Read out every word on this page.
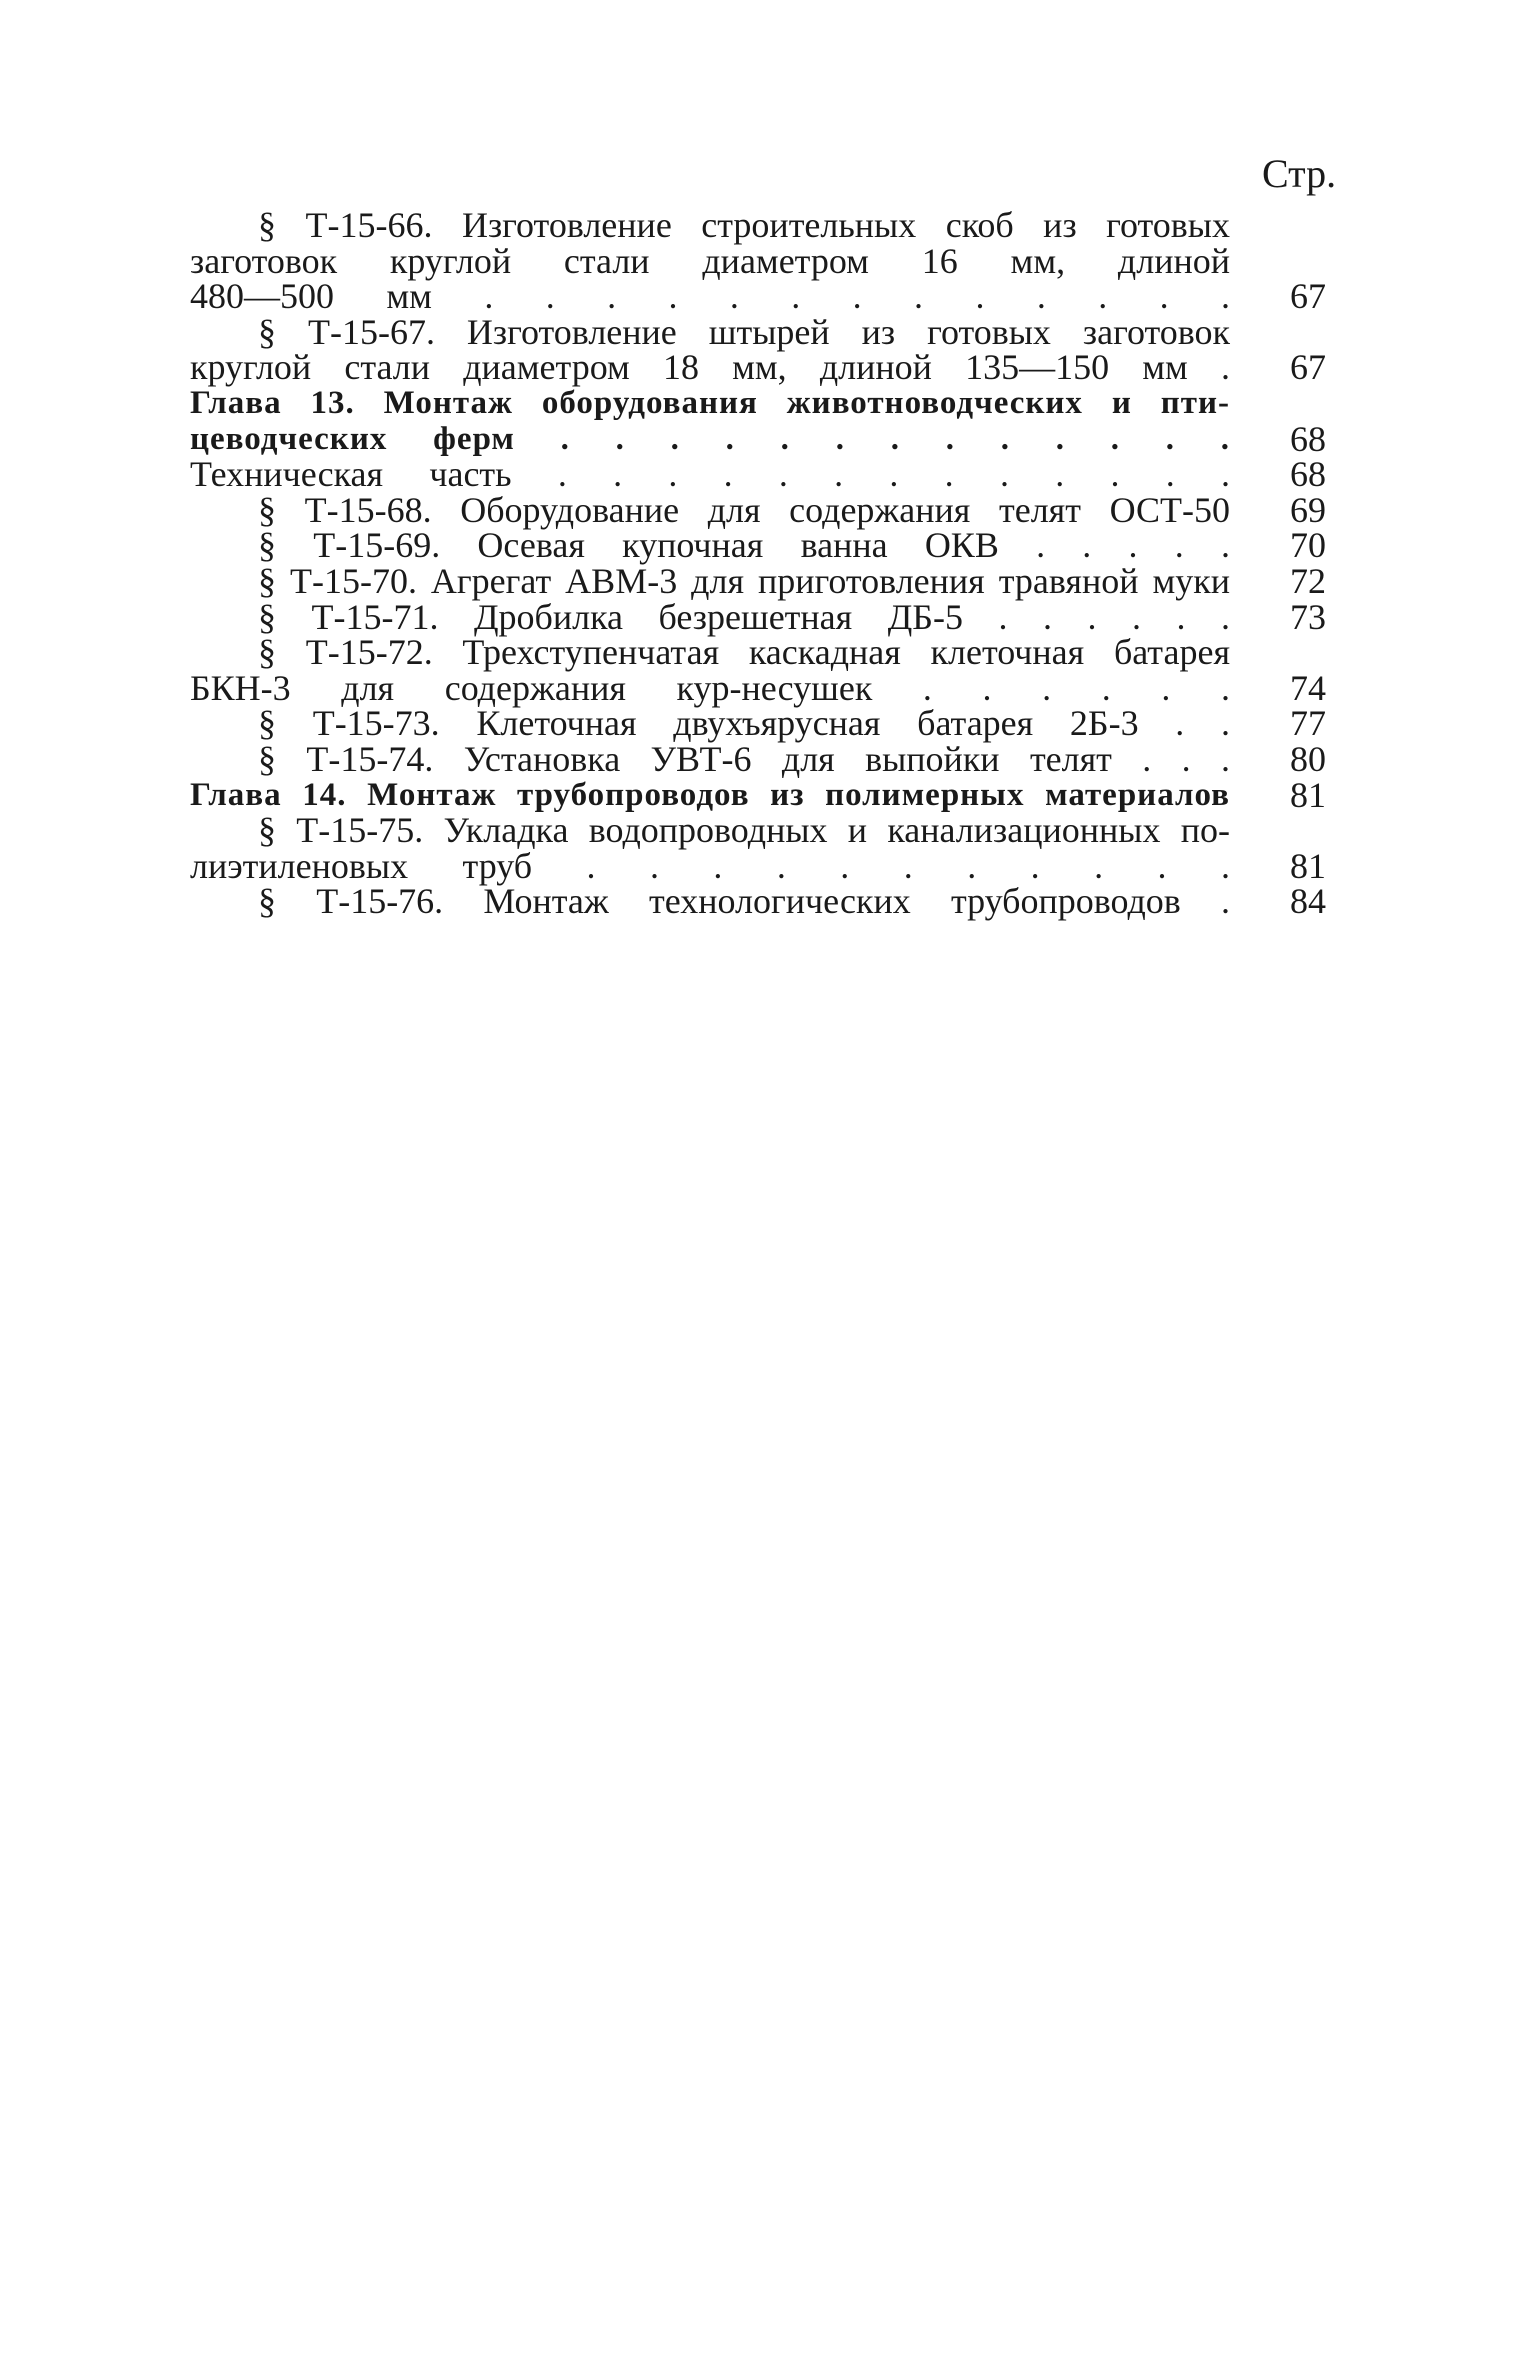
Стр.
§ Т-15-66. Изготовление строительных скоб из готовых
заготовок круглой стали диаметром 16 мм, длиной
480—500 мм . . . . . . . . . . . . .	67
§ Т-15-67. Изготовление штырей из готовых заготовок
круглой стали диаметром 18 мм, длиной 135—150 мм .	67
Глава 13. Монтаж оборудования животноводческих и пти-
цеводческих ферм . . . . . . . . . . . . .	68
Техническая часть . . . . . . . . . . . . .	68
§ Т-15-68. Оборудование для содержания телят ОСТ-50	69
§ Т-15-69. Осевая купочная ванна ОКВ . . . . .	70
§ Т-15-70. Агрегат АВМ-3 для приготовления травяной муки	72
§ Т-15-71. Дробилка безрешетная ДБ-5 . . . . . .	73
§ Т-15-72. Трехступенчатая каскадная клеточная батарея
БКН-3 для содержания кур-несушек . . . . . .	74
§ Т-15-73. Клеточная двухъярусная батарея 2Б-3 . .	77
§ Т-15-74. Установка УВТ-6 для выпойки телят . . .	80
Глава 14. Монтаж трубопроводов из полимерных материалов	81
§ Т-15-75. Укладка водопроводных и канализационных по-
лиэтиленовых труб . . . . . . . . . . .	81
§ Т-15-76. Монтаж технологических трубопроводов .	84
